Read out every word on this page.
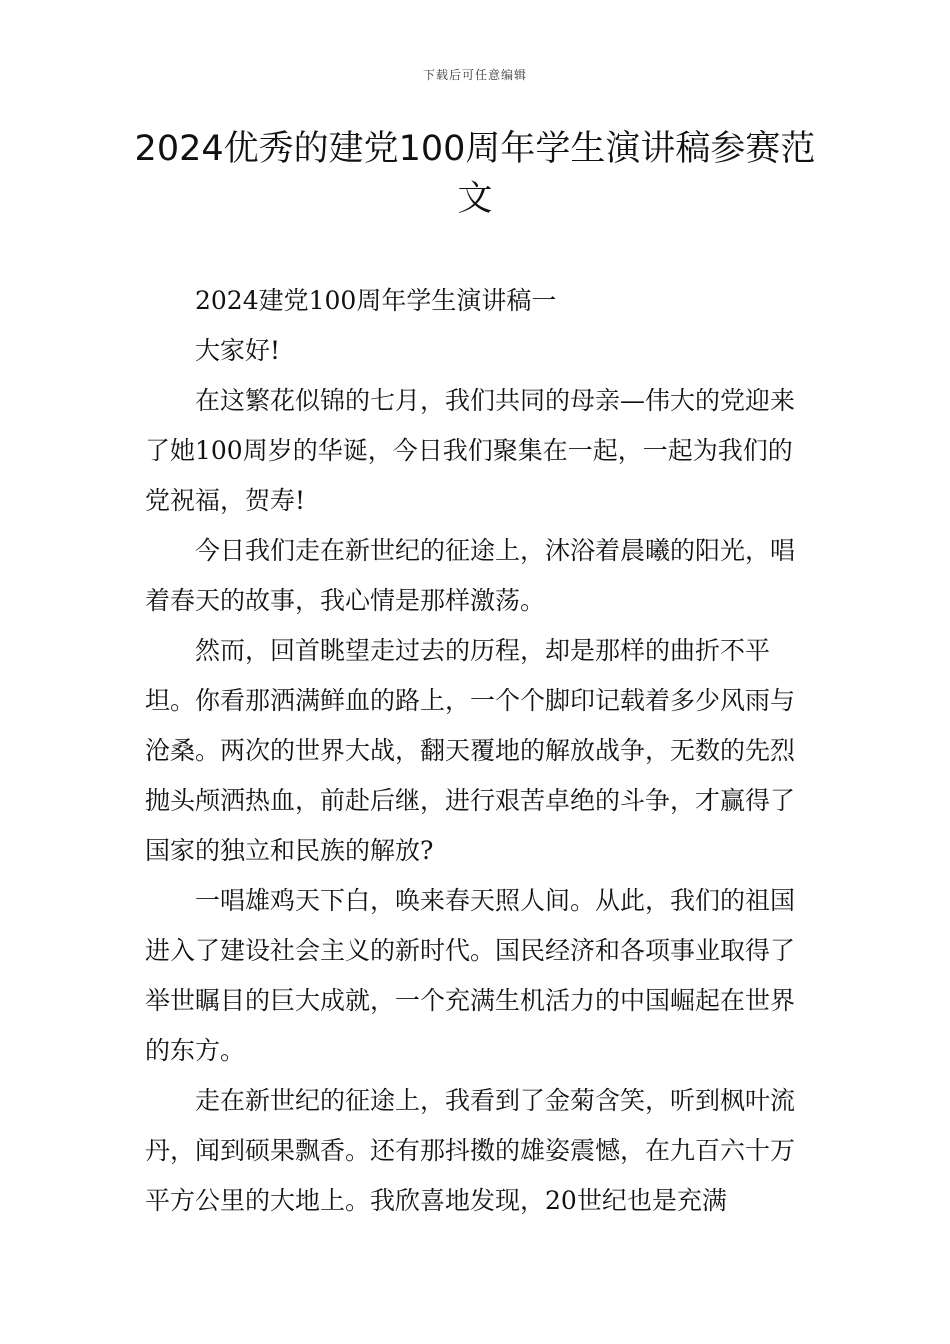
下载后可任意编辑
2024优秀的建党100周年学生演讲稿参赛范文

2024建党100周年学生演讲稿一

大家好!

在这繁花似锦的七月，我们共同的母亲—伟大的党迎来了她100周岁的华诞，今日我们聚集在一起，一起为我们的党祝福，贺寿!

今日我们走在新世纪的征途上，沐浴着晨曦的阳光，唱着春天的故事，我心情是那样激荡。

然而，回首眺望走过去的历程，却是那样的曲折不平坦。你看那洒满鲜血的路上，一个个脚印记载着多少风雨与沧桑。两次的世界大战，翻天覆地的解放战争，无数的先烈抛头颅洒热血，前赴后继，进行艰苦卓绝的斗争，才赢得了国家的独立和民族的解放?

一唱雄鸡天下白，唤来春天照人间。从此，我们的祖国进入了建设社会主义的新时代。国民经济和各项事业取得了举世瞩目的巨大成就，一个充满生机活力的中国崛起在世界的东方。

走在新世纪的征途上，我看到了金菊含笑，听到枫叶流丹，闻到硕果飘香。还有那抖擞的雄姿震憾，在九百六十万平方公里的大地上。我欣喜地发现，20世纪也是充满
